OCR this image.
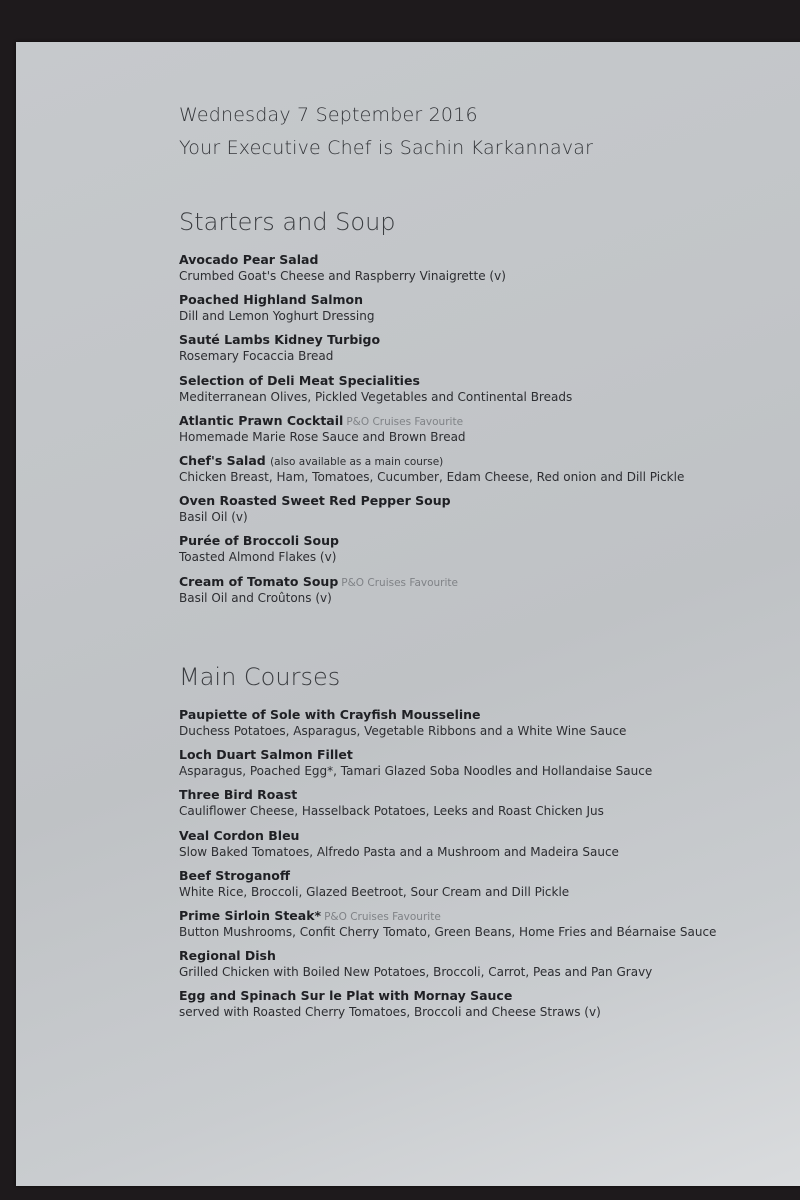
Wednesday 7 September 2016
Your Executive Chef is Sachin Karkannavar
Starters and Soup
Avocado Pear Salad
Crumbed Goat's Cheese and Raspberry Vinaigrette (v)
Poached Highland Salmon
Dill and Lemon Yoghurt Dressing
Sauté Lambs Kidney Turbigo
Rosemary Focaccia Bread
Selection of Deli Meat Specialities
Mediterranean Olives, Pickled Vegetables and Continental Breads
Atlantic Prawn Cocktail P&O Cruises Favourite
Homemade Marie Rose Sauce and Brown Bread
Chef's Salad (also available as a main course)
Chicken Breast, Ham, Tomatoes, Cucumber, Edam Cheese, Red onion and Dill Pickle
Oven Roasted Sweet Red Pepper Soup
Basil Oil (v)
Purée of Broccoli Soup
Toasted Almond Flakes (v)
Cream of Tomato Soup P&O Cruises Favourite
Basil Oil and Croûtons (v)
Main Courses
Paupiette of Sole with Crayfish Mousseline
Duchess Potatoes, Asparagus, Vegetable Ribbons and a White Wine Sauce
Loch Duart Salmon Fillet
Asparagus, Poached Egg*, Tamari Glazed Soba Noodles and Hollandaise Sauce
Three Bird Roast
Cauliflower Cheese, Hasselback Potatoes, Leeks and Roast Chicken Jus
Veal Cordon Bleu
Slow Baked Tomatoes, Alfredo Pasta and a Mushroom and Madeira Sauce
Beef Stroganoff
White Rice, Broccoli, Glazed Beetroot, Sour Cream and Dill Pickle
Prime Sirloin Steak* P&O Cruises Favourite
Button Mushrooms, Confit Cherry Tomato, Green Beans, Home Fries and Béarnaise Sauce
Regional Dish
Grilled Chicken with Boiled New Potatoes, Broccoli, Carrot, Peas and Pan Gravy
Egg and Spinach Sur le Plat with Mornay Sauce
served with Roasted Cherry Tomatoes, Broccoli and Cheese Straws (v)
